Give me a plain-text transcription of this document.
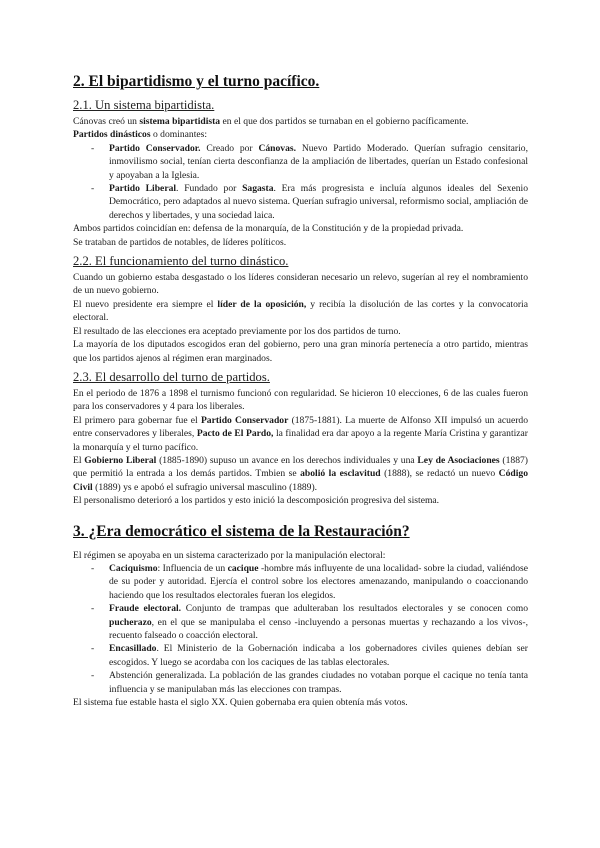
2. El bipartidismo y el turno pacífico.
2.1. Un sistema bipartidista.

Cánovas creó un sistema bipartidista en el que dos partidos se turnaban en el gobierno pacíficamente.

Partidos dinásticos o dominantes:

- Partido Conservador. Creado por Cánovas. Nuevo Partido Moderado. Querían sufragio censitario, inmovilismo social, tenían cierta desconfianza de la ampliación de libertades, querían un Estado confesional y apoyaban a la Iglesia.
- Partido Liberal. Fundado por Sagasta. Era más progresista e incluía algunos ideales del Sexenio Democrático, pero adaptados al nuevo sistema. Querían sufragio universal, reformismo social, ampliación de derechos y libertades, y una sociedad laica.

Ambos partidos coincidían en: defensa de la monarquía, de la Constitución y de la propiedad privada.

Se trataban de partidos de notables, de líderes políticos.

2.2. El funcionamiento del turno dinástico.

Cuando un gobierno estaba desgastado o los líderes consideran necesario un relevo, sugerían al rey el nombramiento de un nuevo gobierno.

El nuevo presidente era siempre el líder de la oposición, y recibía la disolución de las cortes y la convocatoria electoral.

El resultado de las elecciones era aceptado previamente por los dos partidos de turno.

La mayoría de los diputados escogidos eran del gobierno, pero una gran minoría pertenecía a otro partido, mientras que los partidos ajenos al régimen eran marginados.

2.3. El desarrollo del turno de partidos.

En el periodo de 1876 a 1898 el turnismo funcionó con regularidad. Se hicieron 10 elecciones, 6 de las cuales fueron para los conservadores y 4 para los liberales.

El primero para gobernar fue el Partido Conservador (1875-1881). La muerte de Alfonso XII impulsó un acuerdo entre conservadores y liberales, Pacto de El Pardo, la finalidad era dar apoyo a la regente María Cristina y garantizar la monarquía y el turno pacífico.

El Gobierno Liberal (1885-1890) supuso un avance en los derechos individuales y una Ley de Asociaciones (1887) que permitió la entrada a los demás partidos. Tmbien se abolió la esclavitud (1888), se redactó un nuevo Código Civil (1889) ys e apobó el sufragio universal masculino (1889).

El personalismo deterioró a los partidos y esto inició la descomposición progresiva del sistema.

3. ¿Era democrático el sistema de la Restauración?

El régimen se apoyaba en un sistema caracterizado por la manipulación electoral:

- Caciquismo: Influencia de un cacique -hombre más influyente de una localidad- sobre la ciudad, valiéndose de su poder y autoridad. Ejercía el control sobre los electores amenazando, manipulando o coaccionando haciendo que los resultados electorales fueran los elegidos.
- Fraude electoral. Conjunto de trampas que adulteraban los resultados electorales y se conocen como pucherazo, en el que se manipulaba el censo -incluyendo a personas muertas y rechazando a los vivos-, recuento falseado o coacción electoral.
- Encasillado. El Ministerio de la Gobernación indicaba a los gobernadores civiles quienes debían ser escogidos. Y luego se acordaba con los caciques de las tablas electorales.
- Abstención generalizada. La población de las grandes ciudades no votaban porque el cacique no tenía tanta influencia y se manipulaban más las elecciones con trampas.

El sistema fue estable hasta el siglo XX. Quien gobernaba era quien obtenía más votos.
